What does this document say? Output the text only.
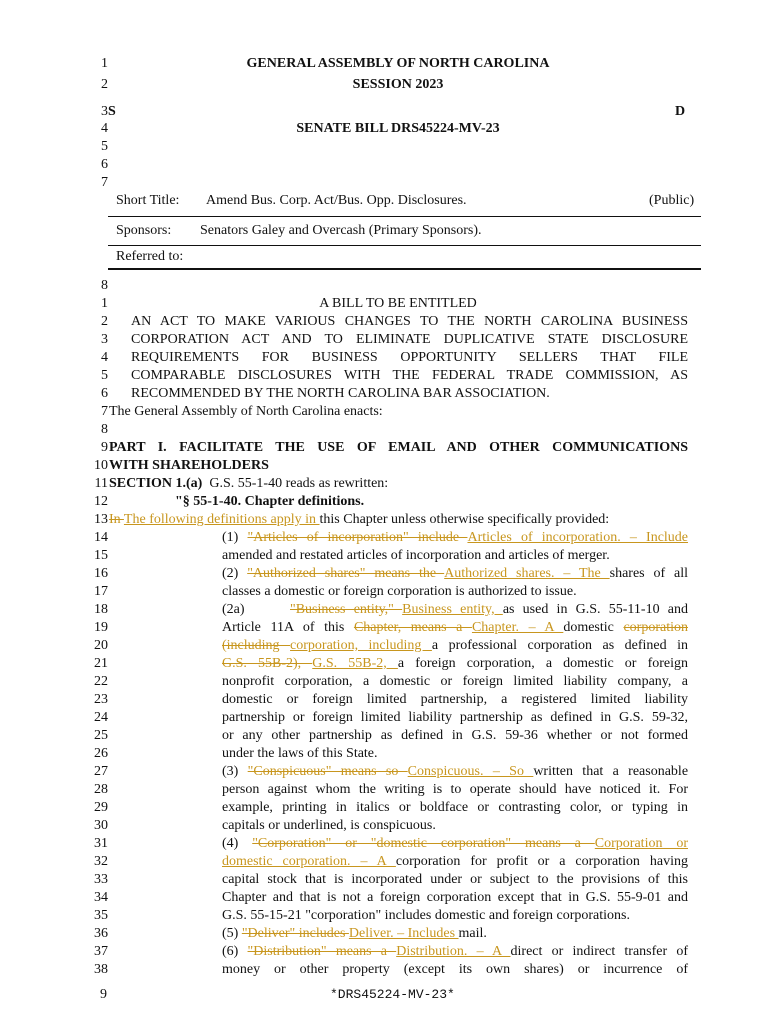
1	GENERAL ASSEMBLY OF NORTH CAROLINA
2	SESSION 2023
3 S	D
4	SENATE BILL DRS45224-MV-23
5
6
7
Short Title: Amend Bus. Corp. Act/Bus. Opp. Disclosures.	(Public)
Sponsors: Senators Galey and Overcash (Primary Sponsors).
Referred to:
8
1	A BILL TO BE ENTITLED
2 AN ACT TO MAKE VARIOUS CHANGES TO THE NORTH CAROLINA BUSINESS
3 CORPORATION ACT AND TO ELIMINATE DUPLICATIVE STATE DISCLOSURE
4 REQUIREMENTS FOR BUSINESS OPPORTUNITY SELLERS THAT FILE
5 COMPARABLE DISCLOSURES WITH THE FEDERAL TRADE COMMISSION, AS
6 RECOMMENDED BY THE NORTH CAROLINA BAR ASSOCIATION.
7 The General Assembly of North Carolina enacts:
8
9 PART I. FACILITATE THE USE OF EMAIL AND OTHER COMMUNICATIONS
10 WITH SHAREHOLDERS
11 SECTION 1.(a) G.S. 55-1-40 reads as rewritten:
12	"§ 55-1-40. Chapter definitions.
13 In The following definitions apply in this Chapter unless otherwise specifically provided:
14	(1) "Articles of incorporation" include Articles of incorporation. – Include
15	amended and restated articles of incorporation and articles of merger.
16	(2) "Authorized shares" means the Authorized shares. – The shares of all
17	classes a domestic or foreign corporation is authorized to issue.
18	(2a)	"Business entity," Business entity, as used in G.S. 55-11-10 and
19	Article 11A of this Chapter, means a Chapter. – A domestic corporation
20	(including corporation, including a professional corporation as defined in
21	G.S. 55B-2), G.S. 55B-2, a foreign corporation, a domestic or foreign
22	nonprofit corporation, a domestic or foreign limited liability company, a
23	domestic or foreign limited partnership, a registered limited liability
24	partnership or foreign limited liability partnership as defined in G.S. 59-32,
25	or any other partnership as defined in G.S. 59-36 whether or not formed
26	under the laws of this State.
27	(3) "Conspicuous" means so Conspicuous. – So written that a reasonable
28	person against whom the writing is to operate should have noticed it. For
29	example, printing in italics or boldface or contrasting color, or typing in
30	capitals or underlined, is conspicuous.
31	(4) "Corporation" or "domestic corporation" means a Corporation or
32	domestic corporation. – A corporation for profit or a corporation having
33	capital stock that is incorporated under or subject to the provisions of this
34	Chapter and that is not a foreign corporation except that in G.S. 55-9-01 and
35	G.S. 55-15-21 "corporation" includes domestic and foreign corporations.
36	(5) "Deliver" includes Deliver. – Includes mail.
37	(6) "Distribution" means a Distribution. – A direct or indirect transfer of
38	money or other property (except its own shares) or incurrence of
9	*DRS45224-MV-23*
